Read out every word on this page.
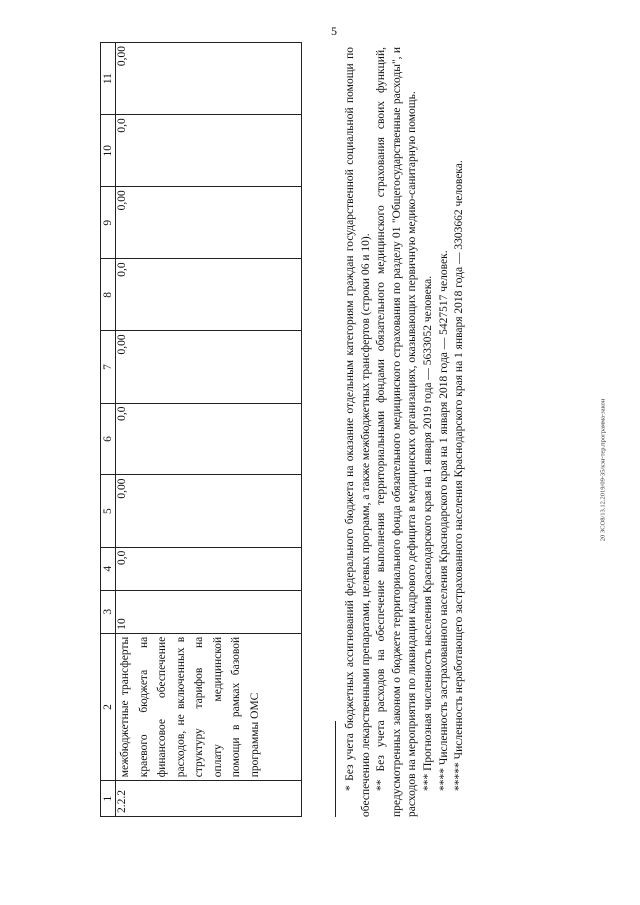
5
20 ЗСО8/13.12.2019/09-35/кзн-тер.программа-закон
1	2	3	4	5	6	7	8	9	10	11
2.2.2	межбюджетные трансферты краевого бюджета на финансовое обеспечение расходов, не включенных в структуру тарифов на оплату медицинской помощи в рамках базовой программы ОМС	10	0,0	0,00	0,0	0,00	0,0	0,00	0,0	0,00	* Без учета бюджетных ассигнований федерального бюджета на оказание отдельным категориям граждан государственной социальной помощи по обеспечению лекарственными препаратами, целевых программ, а также межбюджетных трансфертов (строки 06 и 10). ** Без учета расходов на обеспечение выполнения территориальными фондами обязательного медицинского страхования своих функций, предусмотренных законом о бюджете территориального фонда обязательного медицинского страхования по разделу 01 "Общегосударственные расходы", и расходов на мероприятия по ликвидации кадрового дефицита в медицинских организациях, оказывающих первичную медико-санитарную помощь. *** Прогнозная численность населения Краснодарского края на 1 января 2019 года — 5633052 человека. **** Численность застрахованного населения Краснодарского края на 1 января 2018 года — 5427517 человек. ***** Численность неработающего застрахованного населения Краснодарского края на 1 января 2018 года — 3303662 человека.
